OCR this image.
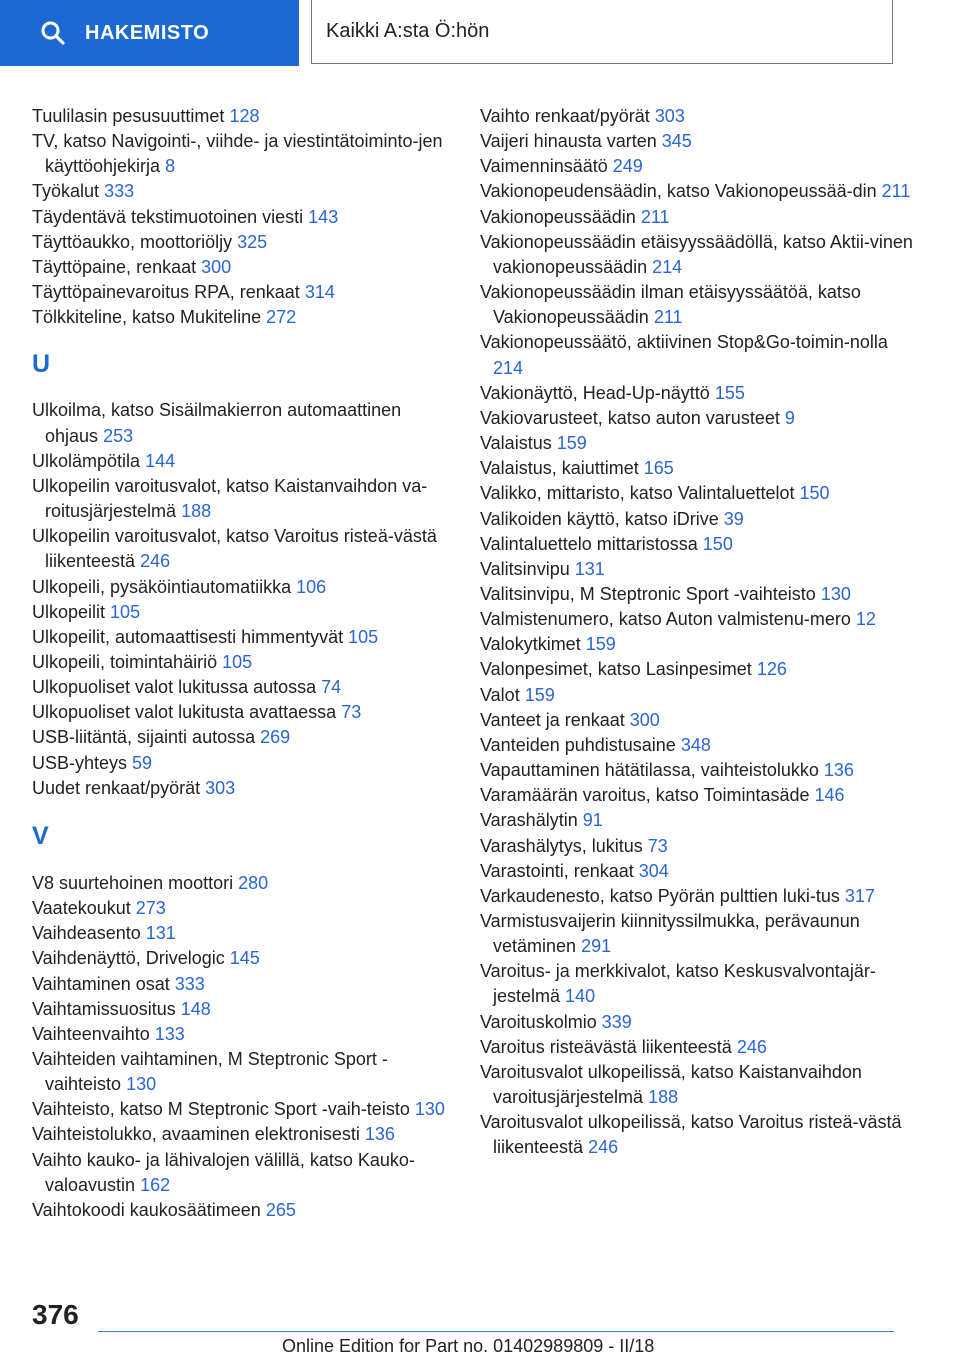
HAKEMISTO	Kaikki A:sta Ö:hön
Tuulilasin pesusuuttimet 128
TV, katso Navigointi-, viihde- ja viestintätoiminto-jen käyttöohjekirja 8
Työkalut 333
Täydentävä tekstimuotoinen viesti 143
Täyttöaukko, moottoriöljy 325
Täyttöpaine, renkaat 300
Täyttöpainevaroitus RPA, renkaat 314
Tölkkiteline, katso Mukiteline 272
U
Ulkoilma, katso Sisäilmakierron automaattinen ohjaus 253
Ulkolämpötila 144
Ulkopeilin varoitusvalot, katso Kaistanvaihdon va-roitusjärjestelmä 188
Ulkopeilin varoitusvalot, katso Varoitus risteä-västä liikenteestä 246
Ulkopeili, pysäköintiautomatiikka 106
Ulkopeilit 105
Ulkopeilit, automaattisesti himmentyvät 105
Ulkopeili, toimintahäiriö 105
Ulkopuoliset valot lukitussa autossa 74
Ulkopuoliset valot lukitusta avattaessa 73
USB-liitäntä, sijainti autossa 269
USB-yhteys 59
Uudet renkaat/pyörät 303
V
V8 suurtehoinen moottori 280
Vaatekoukut 273
Vaihdeasento 131
Vaihdenäyttö, Drivelogic 145
Vaihtaminen osat 333
Vaihtamissuositus 148
Vaihteenvaihto 133
Vaihteiden vaihtaminen, M Steptronic Sport -vaihteisto 130
Vaihteisto, katso M Steptronic Sport -vaih-teisto 130
Vaihteistolukko, avaaminen elektronisesti 136
Vaihto kauko- ja lähivalojen välillä, katso Kauko-valoavustin 162
Vaihtokoodi kaukosäätimeen 265
Vaihto renkaat/pyörät 303
Vaijeri hinausta varten 345
Vaimenninsäätö 249
Vakionopeudensäädin, katso Vakionopeussää-din 211
Vakionopeussäädin 211
Vakionopeussäädin etäisyyssäädöllä, katso Aktii-vinen vakionopeussäädin 214
Vakionopeussäädin ilman etäisyyssäätöä, katso Vakionopeussäädin 211
Vakionopeussäätö, aktiivinen Stop&Go-toimin-nolla 214
Vakionäyttö, Head-Up-näyttö 155
Vakiovarusteet, katso auton varusteet 9
Valaistus 159
Valaistus, kaiuttimet 165
Valikko, mittaristo, katso Valintaluettelot 150
Valikoiden käyttö, katso iDrive 39
Valintaluettelo mittaristossa 150
Valitsinvipu 131
Valitsinvipu, M Steptronic Sport -vaihteisto 130
Valmistenumero, katso Auton valmistenu-mero 12
Valokytkimet 159
Valonpesimet, katso Lasinpesimet 126
Valot 159
Vanteet ja renkaat 300
Vanteiden puhdistusaine 348
Vapauttaminen hätätilassa, vaihteistolukko 136
Varamäärän varoitus, katso Toimintasäde 146
Varashälytin 91
Varashälytys, lukitus 73
Varastointi, renkaat 304
Varkaudenesto, katso Pyörän pulttien luki-tus 317
Varmistusvaijerin kiinnityssilmukka, perävaunun vetäminen 291
Varoitus- ja merkkivalot, katso Keskusvalvontajär-jestelmä 140
Varoituskolmio 339
Varoitus risteävästä liikenteestä 246
Varoitusvalot ulkopeilissä, katso Kaistanvaihdon varoitusjärjestelmä 188
Varoitusvalot ulkopeilissä, katso Varoitus risteä-västä liikenteestä 246
376
Online Edition for Part no. 01402989809 - II/18
